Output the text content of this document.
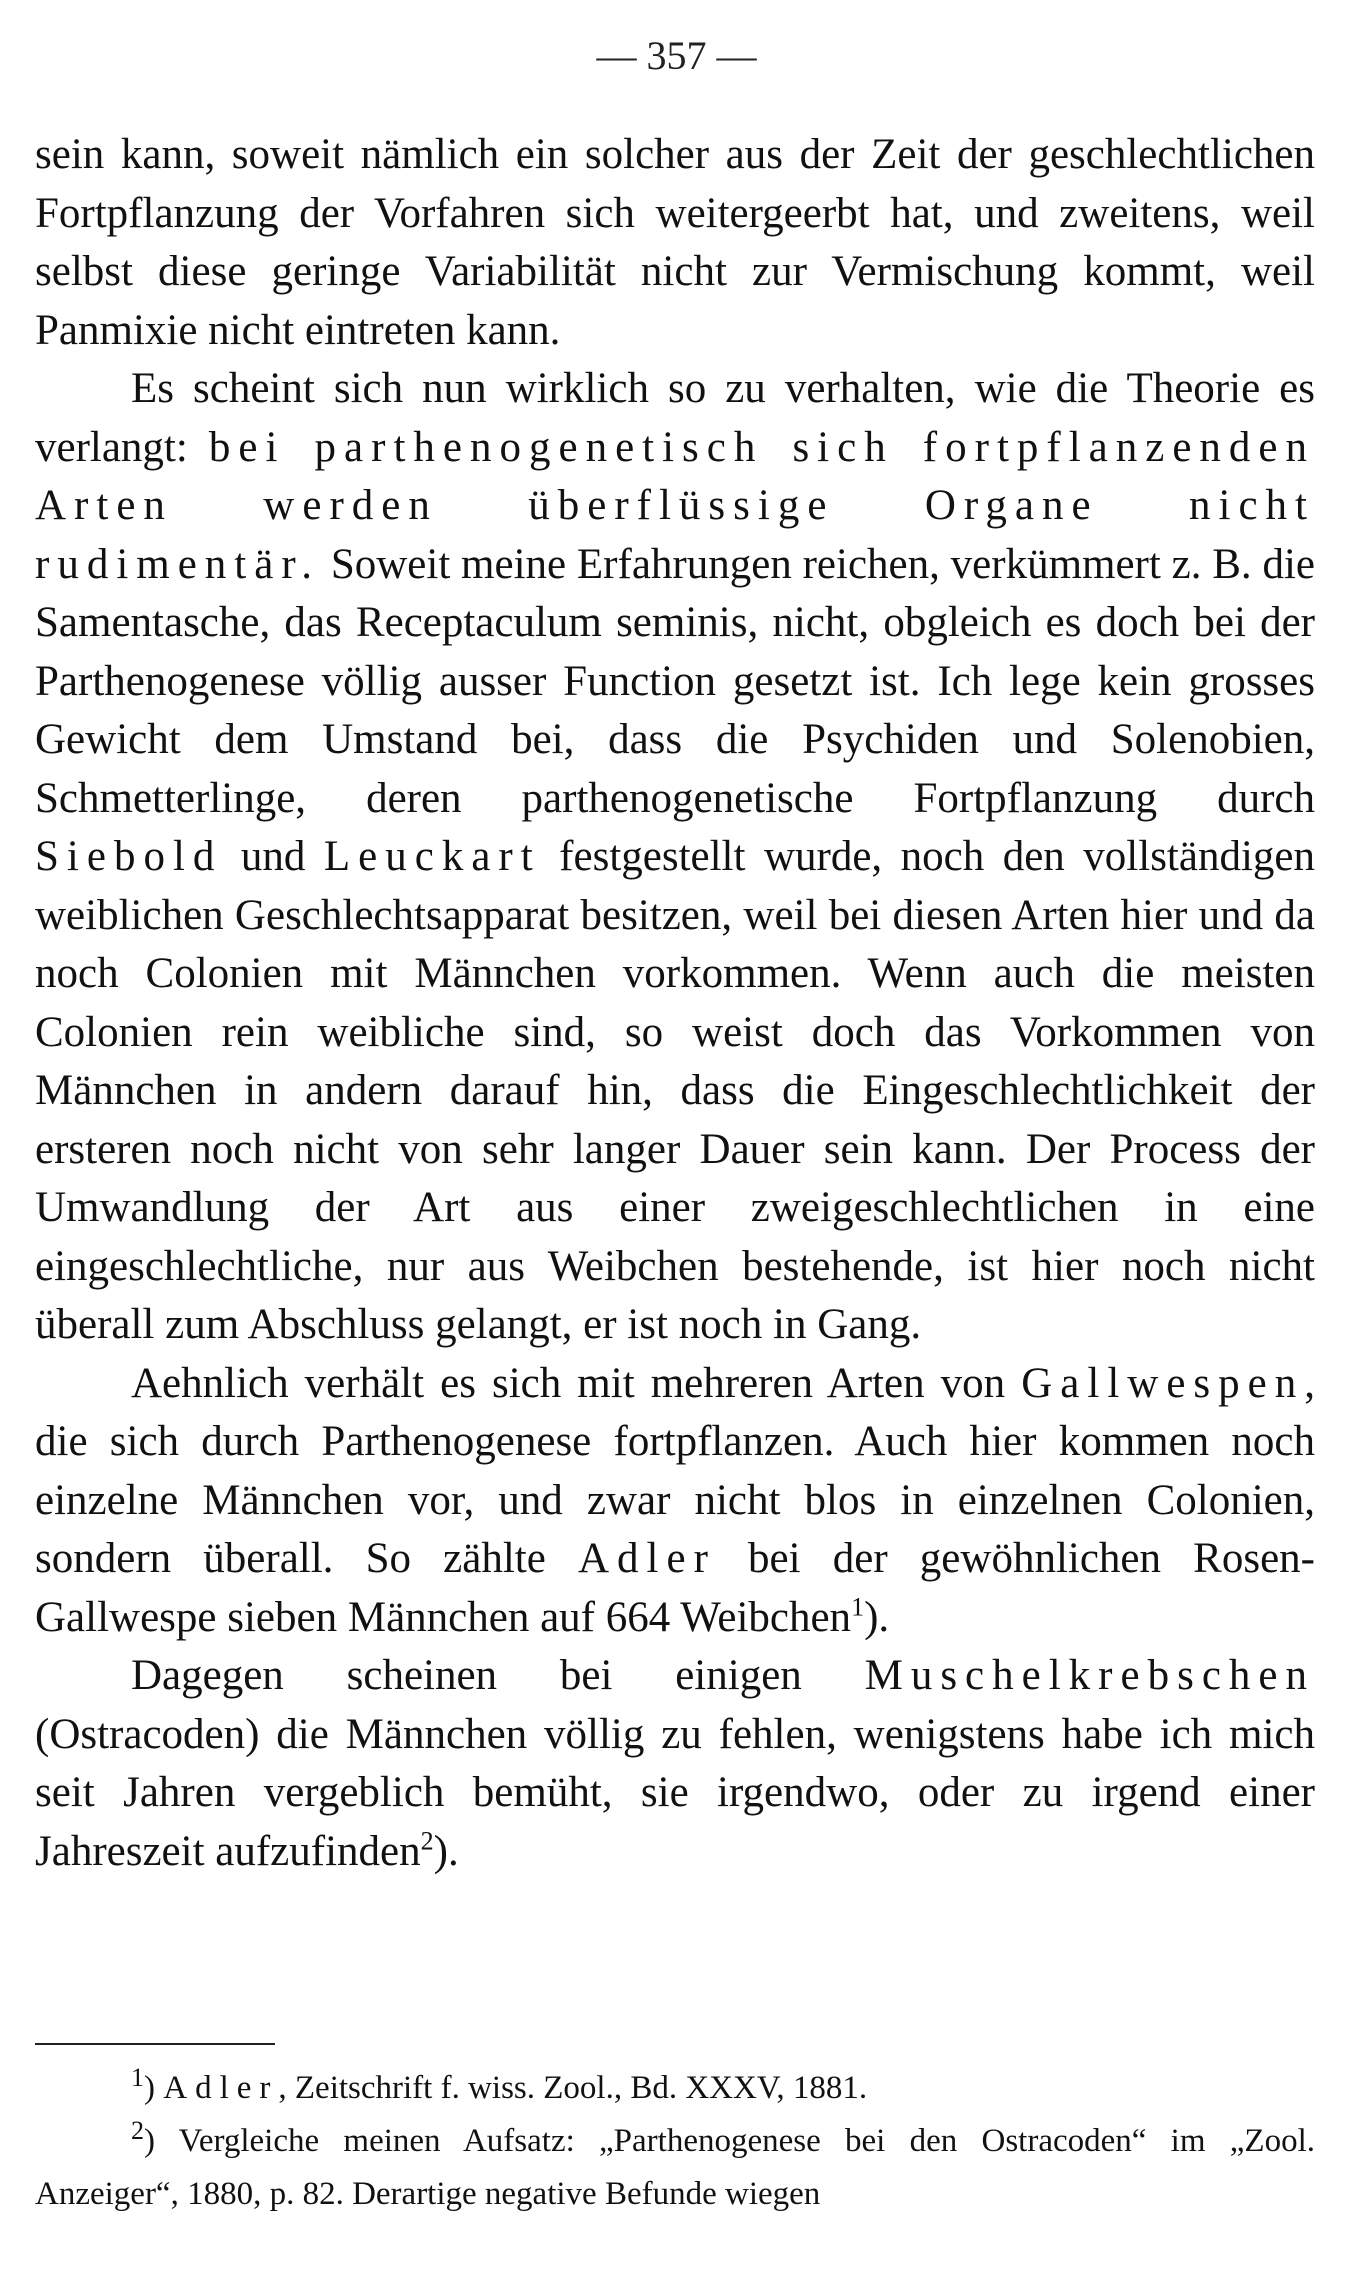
— 357 —

sein kann, soweit nämlich ein solcher aus der Zeit der geschlechtlichen Fortpflanzung der Vorfahren sich weitergeerbt hat, und zweitens, weil selbst diese geringe Variabilität nicht zur Vermischung kommt, weil Panmixie nicht eintreten kann.

Es scheint sich nun wirklich so zu verhalten, wie die Theorie es verlangt: bei parthenogenetisch sich fortpflanzenden Arten werden überflüssige Organe nicht rudimentär. Soweit meine Erfahrungen reichen, verkümmert z. B. die Samentasche, das Receptaculum seminis, nicht, obgleich es doch bei der Parthenogenese völlig ausser Function gesetzt ist. Ich lege kein grosses Gewicht dem Umstand bei, dass die Psychiden und Solenobien, Schmetterlinge, deren parthenogenetische Fortpflanzung durch Siebold und Leuckart festgestellt wurde, noch den vollständigen weiblichen Geschlechtsapparat besitzen, weil bei diesen Arten hier und da noch Colonien mit Männchen vorkommen. Wenn auch die meisten Colonien rein weibliche sind, so weist doch das Vorkommen von Männchen in andern darauf hin, dass die Eingeschlechtlichkeit der ersteren noch nicht von sehr langer Dauer sein kann. Der Process der Umwandlung der Art aus einer zweigeschlechtlichen in eine eingeschlechtliche, nur aus Weibchen bestehende, ist hier noch nicht überall zum Abschluss gelangt, er ist noch in Gang.

Aehnlich verhält es sich mit mehreren Arten von Gallwespen, die sich durch Parthenogenese fortpflanzen. Auch hier kommen noch einzelne Männchen vor, und zwar nicht blos in einzelnen Colonien, sondern überall. So zählte Adler bei der gewöhnlichen Rosen-Gallwespe sieben Männchen auf 664 Weibchen$^1$).

Dagegen scheinen bei einigen Muschelkrebschen (Ostracoden) die Männchen völlig zu fehlen, wenigstens habe ich mich seit Jahren vergeblich bemüht, sie irgendwo, oder zu irgend einer Jahreszeit aufzufinden$^2$).

$^1$) Adler, Zeitschrift f. wiss. Zool., Bd. XXXV, 1881.

$^2$) Vergleiche meinen Aufsatz: „Parthenogenese bei den Ostracoden“ im „Zool. Anzeiger“, 1880, p. 82. Derartige negative Befunde wiegen
